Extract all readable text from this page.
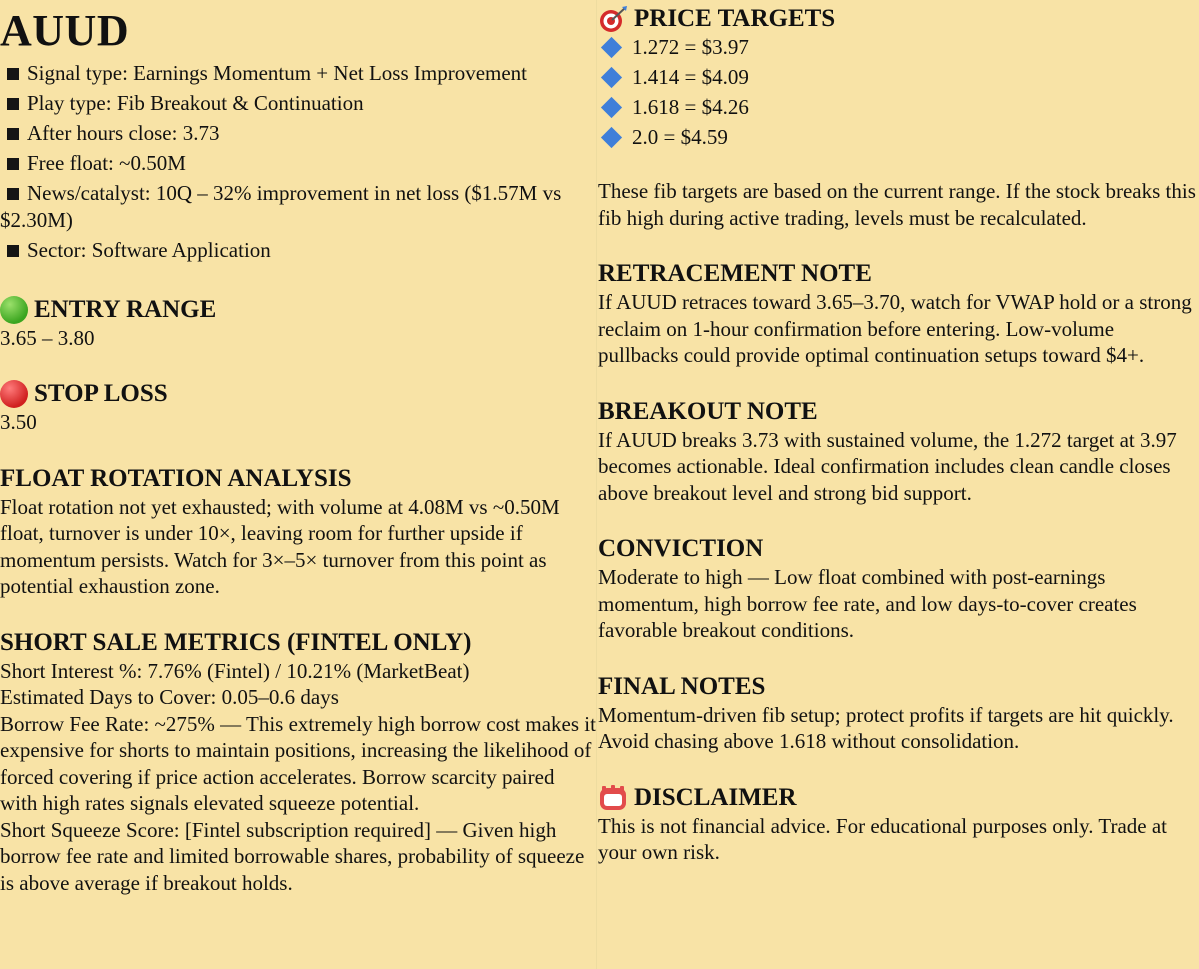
AUUD
Signal type: Earnings Momentum + Net Loss Improvement
Play type: Fib Breakout & Continuation
After hours close: 3.73
Free float: ~0.50M
News/catalyst: 10Q – 32% improvement in net loss ($1.57M vs $2.30M)
Sector: Software Application
ENTRY RANGE

3.65 – 3.80

STOP LOSS

3.50

FLOAT ROTATION ANALYSIS

Float rotation not yet exhausted; with volume at 4.08M vs ~0.50M float, turnover is under 10×, leaving room for further upside if momentum persists. Watch for 3×–5× turnover from this point as potential exhaustion zone.

SHORT SALE METRICS (FINTEL ONLY)

Short Interest %: 7.76% (Fintel) / 10.21% (MarketBeat)

Estimated Days to Cover: 0.05–0.6 days

Borrow Fee Rate: ~275% — This extremely high borrow cost makes it expensive for shorts to maintain positions, increasing the likelihood of forced covering if price action accelerates. Borrow scarcity paired with high rates signals elevated squeeze potential.

Short Squeeze Score: [Fintel subscription required] — Given high borrow fee rate and limited borrowable shares, probability of squeeze is above average if breakout holds.

PRICE TARGETS
1.272 = $3.97
1.414 = $4.09
1.618 = $4.26
2.0 = $4.59

These fib targets are based on the current range. If the stock breaks this fib high during active trading, levels must be recalculated.

RETRACEMENT NOTE

If AUUD retraces toward 3.65–3.70, watch for VWAP hold or a strong reclaim on 1-hour confirmation before entering. Low-volume pullbacks could provide optimal continuation setups toward $4+.

BREAKOUT NOTE

If AUUD breaks 3.73 with sustained volume, the 1.272 target at 3.97 becomes actionable. Ideal confirmation includes clean candle closes above breakout level and strong bid support.

CONVICTION

Moderate to high — Low float combined with post-earnings momentum, high borrow fee rate, and low days-to-cover creates favorable breakout conditions.

FINAL NOTES

Momentum-driven fib setup; protect profits if targets are hit quickly.

Avoid chasing above 1.618 without consolidation.

DISCLAIMER

This is not financial advice. For educational purposes only. Trade at your own risk.
